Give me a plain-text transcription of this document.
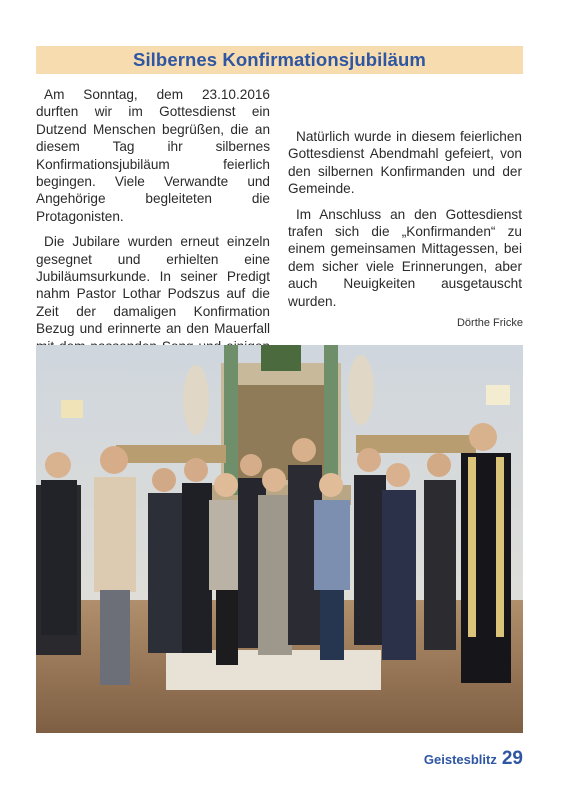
Silbernes Konfirmationsjubiläum

Am Sonntag, dem 23.10.2016 durften wir im Gottesdienst ein Dutzend Menschen begrüßen, die an diesem Tag ihr silbernes Konfirmationsjubiläum feierlich begingen. Viele Verwandte und Angehörige begleiteten die Protagonisten.

Die Jubilare wurden erneut einzeln gesegnet und erhielten eine Jubiläumsurkunde. In seiner Predigt nahm Pastor Lothar Podszus auf die Zeit der damaligen Konfirmation Bezug und erinnerte an den Mauerfall

Natürlich wurde in diesem feierlichen Gottesdienst Abendmahl gefeiert, von den silbernen Konfirmanden und der Gemeinde.

Im Anschluss an den Gottesdienst trafen sich die „Konfirmanden“ zu einem gemeinsamen Mittagessen, bei dem sicher viele Erinnerungen, aber auch Neuigkeiten ausgetauscht wurden.

Dörthe Fricke
Geistesblitz 29
